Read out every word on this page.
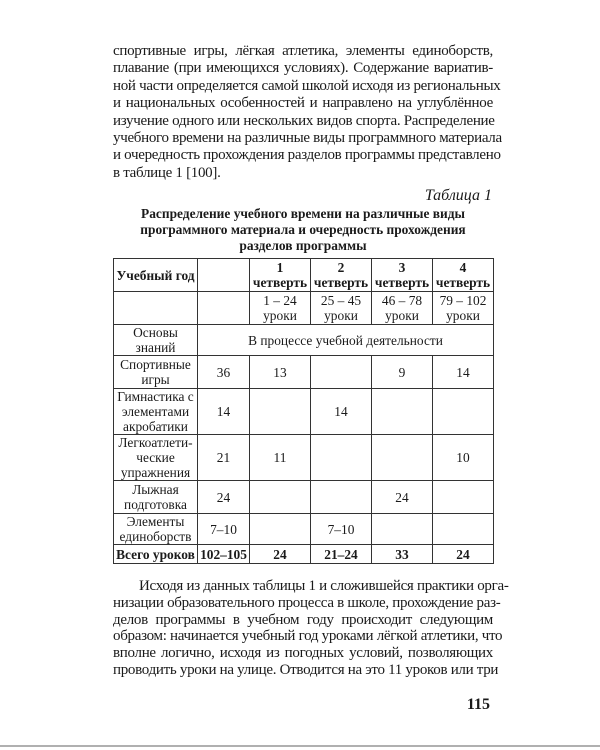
спортивные игры, лёгкая атлетика, элементы единоборств,
плавание (при имеющихся условиях). Содержание вариатив-
ной части определяется самой школой исходя из региональных
и национальных особенностей и направлено на углублённое
изучение одного или нескольких видов спорта. Распределение
учебного времени на различные виды программного материала
и очередность прохождения разделов программы представлено
в таблице 1 [100].
Таблица 1
Распределение учебного времени на различные виды программного материала и очередность прохождения разделов программы
Учебный год		1 четверть	2 четверть	3 четверть	4 четверть
		1 – 24 уроки	25 – 45 уроки	46 – 78 уроки	79 – 102 уроки
Основы знаний	В процессе учебной деятельности				
Спортивные игры	36	13		9	14
Гимнастика с элементами акробатики	14		14		
Легкоатлети-ческие упражнения	21	11			10
Лыжная подготовка	24			24	
Элементы единоборств	7–10		7–10		
Всего уроков	102–105	24	21–24	33	24
Исходя из данных таблицы 1 и сложившейся практики орга-
низации образовательного процесса в школе, прохождение раз-
делов программы в учебном году происходит следующим
образом: начинается учебный год уроками лёгкой атлетики, что
вполне логично, исходя из погодных условий, позволяющих
проводить уроки на улице. Отводится на это 11 уроков или три
115
